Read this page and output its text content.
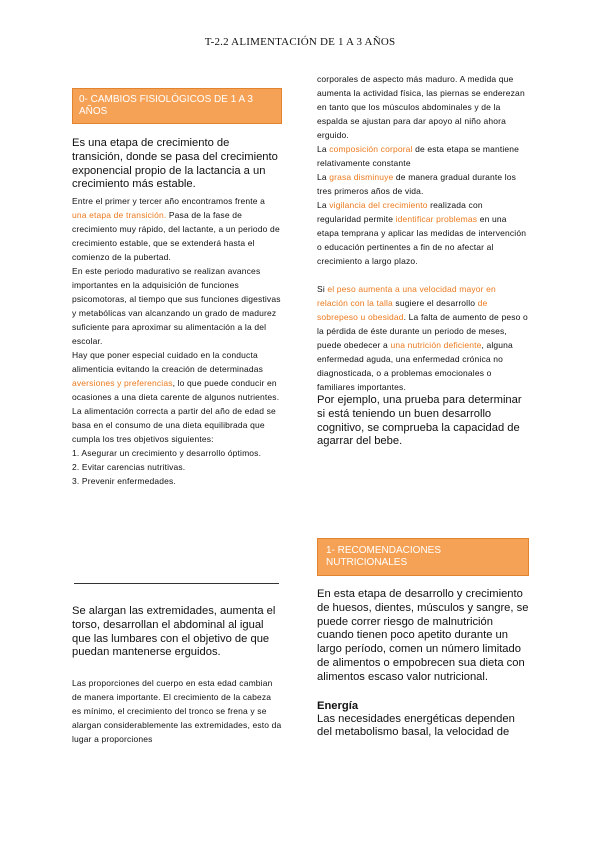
T-2.2 ALIMENTACIÓN DE 1 A 3 AÑOS
0- CAMBIOS FISIOLÓGICOS DE 1 A 3 AÑOS

Es una etapa de crecimiento de transición, donde se pasa del crecimiento exponencial propio de la lactancia a un crecimiento más estable.

Entre el primer y tercer año encontramos frente a una etapa de transición. Pasa de la fase de crecimiento muy rápido, del lactante, a un periodo de crecimiento estable, que se extenderá hasta el comienzo de la pubertad.

En este periodo madurativo se realizan avances importantes en la adquisición de funciones psicomotoras, al tiempo que sus funciones digestivas y metabólicas van alcanzando un grado de madurez suficiente para aproximar su alimentación a la del escolar.

Hay que poner especial cuidado en la conducta alimenticia evitando la creación de determinadas aversiones y preferencias, lo que puede conducir en ocasiones a una dieta carente de algunos nutrientes.

La alimentación correcta a partir del año de edad se basa en el consumo de una dieta equilibrada que cumpla los tres objetivos siguientes:

1. Asegurar un crecimiento y desarrollo óptimos.
2. Evitar carencias nutritivas.
3. Prevenir enfermedades.

Se alargan las extremidades, aumenta el torso, desarrollan el abdominal al igual que las lumbares con el objetivo de que puedan mantenerse erguidos.

Las proporciones del cuerpo en esta edad cambian de manera importante. El crecimiento de la cabeza es mínimo, el crecimiento del tronco se frena y se alargan considerablemente las extremidades, esto da lugar a proporciones

corporales de aspecto más maduro. A medida que aumenta la actividad física, las piernas se enderezan en tanto que los músculos abdominales y de la espalda se ajustan para dar apoyo al niño ahora erguido.

La composición corporal de esta etapa se mantiene relativamente constante

La grasa disminuye de manera gradual durante los tres primeros años de vida.

La vigilancia del crecimiento realizada con regularidad permite identificar problemas en una etapa temprana y aplicar las medidas de intervención o educación pertinentes a fin de no afectar al crecimiento a largo plazo.

Si el peso aumenta a una velocidad mayor en relación con la talla sugiere el desarrollo de sobrepeso u obesidad. La falta de aumento de peso o la pérdida de éste durante un periodo de meses, puede obedecer a una nutrición deficiente, alguna enfermedad aguda, una enfermedad crónica no diagnosticada, o a problemas emocionales o familiares importantes.

Por ejemplo, una prueba para determinar si está teniendo un buen desarrollo cognitivo, se comprueba la capacidad de agarrar del bebe.

1- RECOMENDACIONES NUTRICIONALES

En esta etapa de desarrollo y crecimiento de huesos, dientes, músculos y sangre, se puede correr riesgo de malnutrición cuando tienen poco apetito durante un largo período, comen un número limitado de alimentos o empobrecen sua dieta con alimentos escaso valor nutricional.

Energía

Las necesidades energéticas dependen del metabolismo basal, la velocidad de
